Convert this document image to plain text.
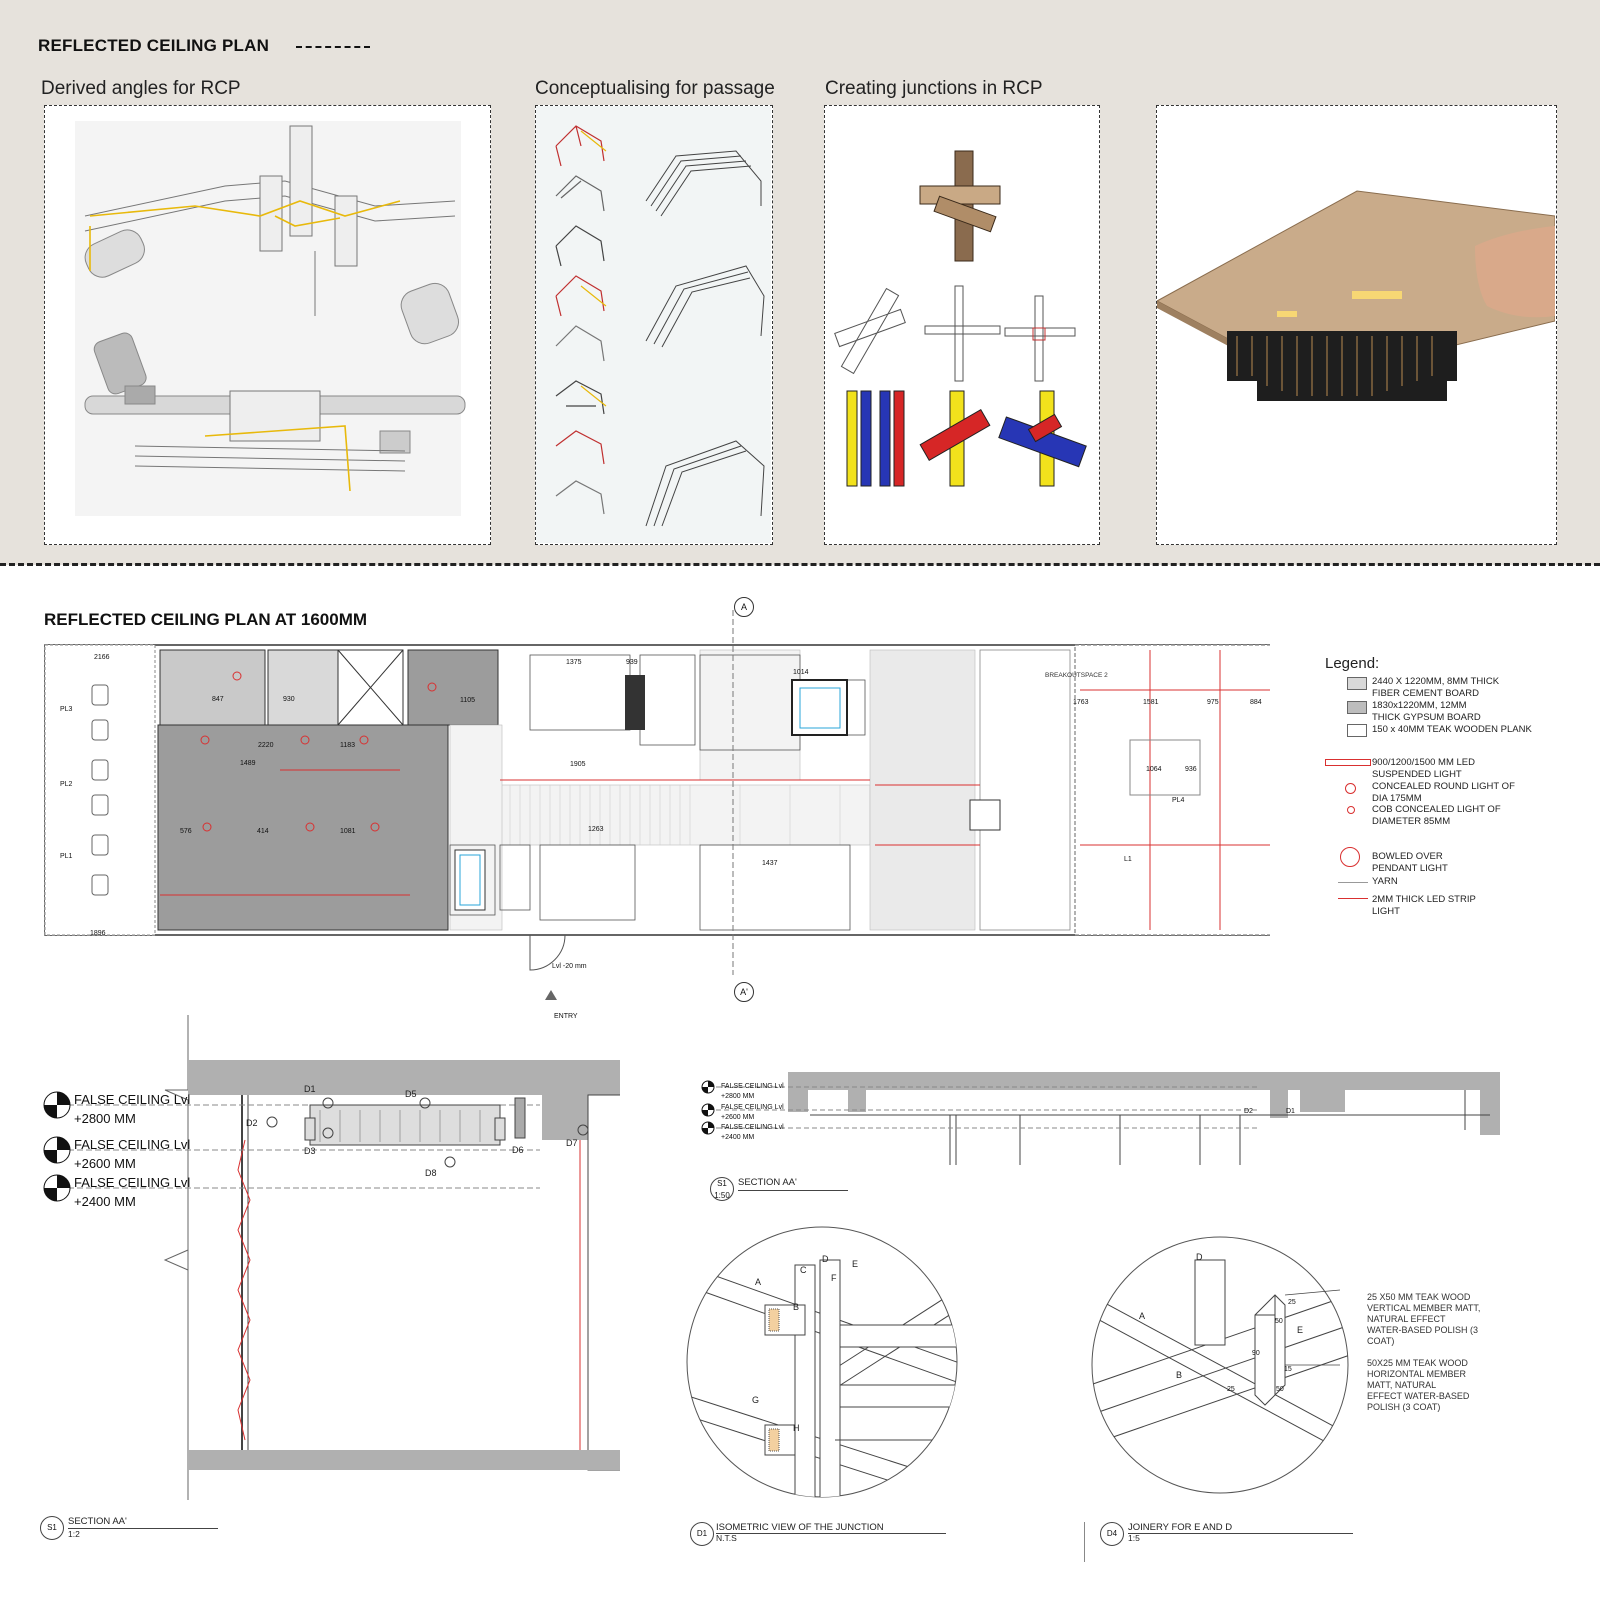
REFLECTED CEILING PLAN
Derived angles for RCP	Conceptualising for passage	Creating junctions in RCP
REFLECTED CEILING PLAN AT 1600MM
A
A'
ENTRY
Lvl -20 mm
BREAKOUTSPACE 2
PL3
PL2
PL1
PL4
L1
2166
1896
1375	939
1014
847	930	1105
2220	1183
1489
576	414	1081
1763	1581	975	884
1064	936
1263
1437
1905
Legend:
2440 X 1220MM, 8MM THICK
FIBER CEMENT BOARD
1830x1220MM, 12MM
THICK GYPSUM BOARD
150 x 40MM TEAK WOODEN PLANK
900/1200/1500 MM LED
SUSPENDED LIGHT
CONCEALED ROUND LIGHT OF
DIA 175MM
COB CONCEALED LIGHT OF
DIAMETER 85MM
BOWLED OVER
PENDANT LIGHT
YARN
2MM THICK LED STRIP
LIGHT
FALSE CEILING Lvl
+2800 MM
FALSE CEILING Lvl
+2600 MM
FALSE CEILING Lvl
+2400 MM
D1	D5
D2
D3	D6
D7
D8
S1
SECTION AA'
1:2
FALSE CEILING Lvl
+2800 MM
FALSE CEILING Lvl
+2600 MM
FALSE CEILING Lvl
+2400 MM
D2	D1
S1
1:50
SECTION AA'
A
B
C
D
F
E
G
H
D1
ISOMETRIC VIEW OF THE JUNCTION
N.T.S
D
A
B
E
25
50
90
15
25	50
25 X50 MM TEAK WOOD
VERTICAL MEMBER MATT,
NATURAL EFFECT
WATER-BASED POLISH (3
COAT)
50X25 MM TEAK WOOD
HORIZONTAL MEMBER
MATT, NATURAL
EFFECT WATER-BASED
POLISH (3 COAT)
D4
JOINERY FOR E AND D
1:5
